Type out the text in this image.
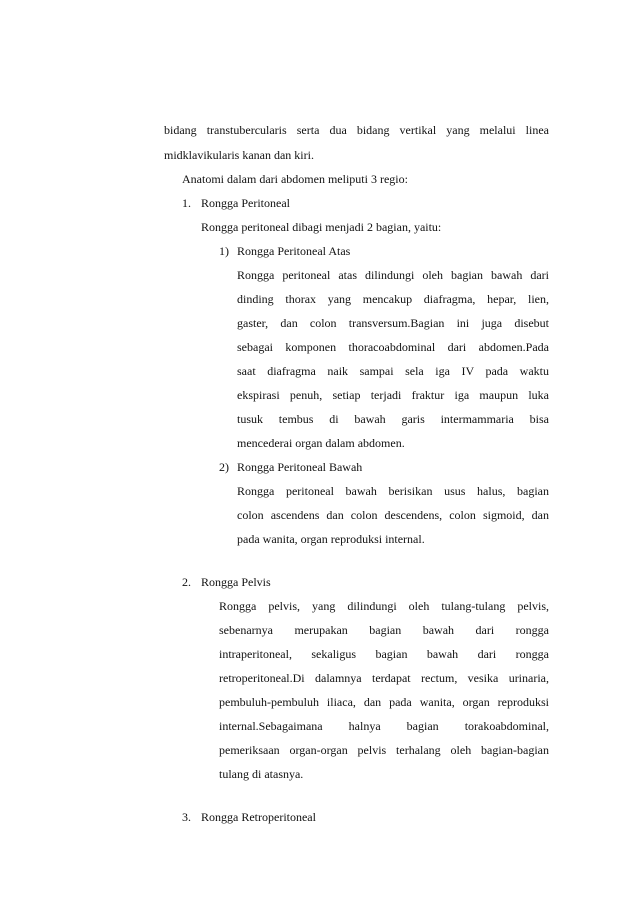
bidang transtubercularis serta dua bidang vertikal yang melalui linea
midklavikularis kanan dan kiri.
Anatomi dalam dari abdomen meliputi 3 regio:
1. Rongga Peritoneal
Rongga peritoneal dibagi menjadi 2 bagian, yaitu:
1) Rongga Peritoneal Atas
Rongga peritoneal atas dilindungi oleh bagian bawah dari
dinding thorax yang mencakup diafragma, hepar, lien,
gaster, dan colon transversum.Bagian ini juga disebut
sebagai komponen thoracoabdominal dari abdomen.Pada
saat diafragma naik sampai sela iga IV pada waktu
ekspirasi penuh, setiap terjadi fraktur iga maupun luka
tusuk tembus di bawah garis intermammaria bisa
mencederai organ dalam abdomen.
2) Rongga Peritoneal Bawah
Rongga peritoneal bawah berisikan usus halus, bagian
colon ascendens dan colon descendens, colon sigmoid, dan
pada wanita, organ reproduksi internal.
2. Rongga Pelvis
Rongga pelvis, yang dilindungi oleh tulang-tulang pelvis,
sebenarnya merupakan bagian bawah dari rongga
intraperitoneal, sekaligus bagian bawah dari rongga
retroperitoneal.Di dalamnya terdapat rectum, vesika urinaria,
pembuluh-pembuluh iliaca, dan pada wanita, organ reproduksi
internal.Sebagaimana halnya bagian torakoabdominal,
pemeriksaan organ-organ pelvis terhalang oleh bagian-bagian
tulang di atasnya.
3. Rongga Retroperitoneal
